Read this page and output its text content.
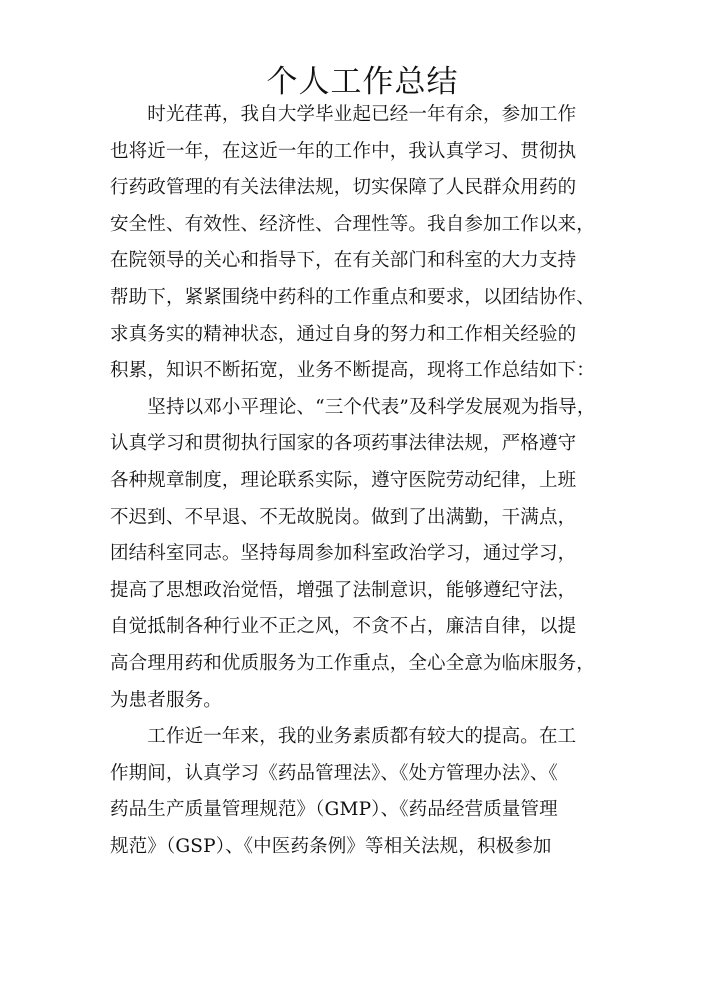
个人工作总结
　　时光荏苒，我自大学毕业起已经一年有余，参加工作
也将近一年，在这近一年的工作中，我认真学习、贯彻执
行药政管理的有关法律法规，切实保障了人民群众用药的
安全性、有效性、经济性、合理性等。我自参加工作以来，
在院领导的关心和指导下，在有关部门和科室的大力支持
帮助下，紧紧围绕中药科的工作重点和要求，以团结协作、
求真务实的精神状态，通过自身的努力和工作相关经验的
积累，知识不断拓宽，业务不断提高，现将工作总结如下：
　　坚持以邓小平理论、“三个代表”及科学发展观为指导，
认真学习和贯彻执行国家的各项药事法律法规，严格遵守
各种规章制度，理论联系实际，遵守医院劳动纪律，上班
不迟到、不早退、不无故脱岗。做到了出满勤，干满点，
团结科室同志。坚持每周参加科室政治学习，通过学习，
提高了思想政治觉悟，增强了法制意识，能够遵纪守法，
自觉抵制各种行业不正之风，不贪不占，廉洁自律，以提
高合理用药和优质服务为工作重点，全心全意为临床服务，
为患者服务。
　　工作近一年来，我的业务素质都有较大的提高。在工
作期间，认真学习《药品管理法》、《处方管理办法》、《
药品生产质量管理规范》（GMP）、《药品经营质量管理
规范》（GSP）、《中医药条例》等相关法规，积极参加
